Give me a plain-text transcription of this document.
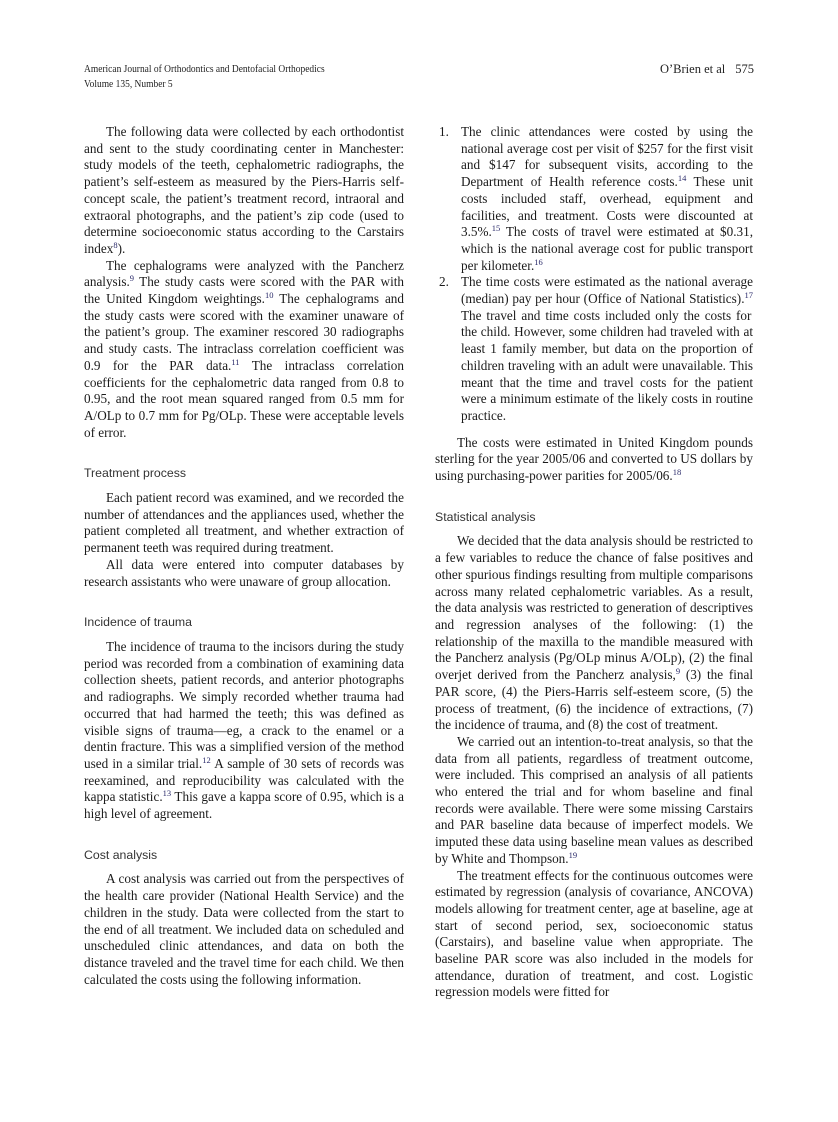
American Journal of Orthodontics and Dentofacial Orthopedics
Volume 135, Number 5
O’Brien et al 575

The following data were collected by each orthodontist and sent to the study coordinating center in Manchester: study models of the teeth, cephalometric radiographs, the patient’s self-esteem as measured by the Piers-Harris self-concept scale, the patient’s treatment record, intraoral and extraoral photographs, and the patient’s zip code (used to determine socioeconomic status according to the Carstairs index$^8$).

The cephalograms were analyzed with the Pancherz analysis.$^9$ The study casts were scored with the PAR with the United Kingdom weightings.$^{10}$ The cephalograms and the study casts were scored with the examiner unaware of the patient’s group. The examiner rescored 30 radiographs and study casts. The intraclass correlation coefficient was 0.9 for the PAR data.$^{11}$ The intraclass correlation coefficients for the cephalometric data ranged from 0.8 to 0.95, and the root mean squared ranged from 0.5 mm for A/OLp to 0.7 mm for Pg/OLp. These were acceptable levels of error.

Treatment process

Each patient record was examined, and we recorded the number of attendances and the appliances used, whether the patient completed all treatment, and whether extraction of permanent teeth was required during treatment.

All data were entered into computer databases by research assistants who were unaware of group allocation.

Incidence of trauma

The incidence of trauma to the incisors during the study period was recorded from a combination of examining data collection sheets, patient records, and anterior photographs and radiographs. We simply recorded whether trauma had occurred that had harmed the teeth; this was defined as visible signs of trauma—eg, a crack to the enamel or a dentin fracture. This was a simplified version of the method used in a similar trial.$^{12}$ A sample of 30 sets of records was reexamined, and reproducibility was calculated with the kappa statistic.$^{13}$ This gave a kappa score of 0.95, which is a high level of agreement.

Cost analysis

A cost analysis was carried out from the perspectives of the health care provider (National Health Service) and the children in the study. Data were collected from the start to the end of all treatment. We included data on scheduled and unscheduled clinic attendances, and data on both the distance traveled and the travel time for each child. We then calculated the costs using the following information.

1. The clinic attendances were costed by using the national average cost per visit of $257 for the first visit and $147 for subsequent visits, according to the Department of Health reference costs.$^{14}$ These unit costs included staff, overhead, equipment and facilities, and treatment. Costs were discounted at 3.5%.$^{15}$ The costs of travel were estimated at $0.31, which is the national average cost for public transport per kilometer.$^{16}$
2. The time costs were estimated as the national average (median) pay per hour (Office of National Statistics).$^{17}$ The travel and time costs included only the costs for the child. However, some children had traveled with at least 1 family member, but data on the proportion of children traveling with an adult were unavailable. This meant that the time and travel costs for the patient were a minimum estimate of the likely costs in routine practice.

The costs were estimated in United Kingdom pounds sterling for the year 2005/06 and converted to US dollars by using purchasing-power parities for 2005/06.18

Statistical analysis

We decided that the data analysis should be restricted to a few variables to reduce the chance of false positives and other spurious findings resulting from multiple comparisons across many related cephalometric variables. As a result, the data analysis was restricted to generation of descriptives and regression analyses of the following: (1) the relationship of the maxilla to the mandible measured with the Pancherz analysis (Pg/OLp minus A/OLp), (2) the final overjet derived from the Pancherz analysis,$^9$ (3) the final PAR score, (4) the Piers-Harris self-esteem score, (5) the process of treatment, (6) the incidence of extractions, (7) the incidence of trauma, and (8) the cost of treatment.

We carried out an intention-to-treat analysis, so that the data from all patients, regardless of treatment outcome, were included. This comprised an analysis of all patients who entered the trial and for whom baseline and final records were available. There were some missing Carstairs and PAR baseline data because of imperfect models. We imputed these data using baseline mean values as described by White and Thompson.$^{19}$

The treatment effects for the continuous outcomes were estimated by regression (analysis of covariance, ANCOVA) models allowing for treatment center, age at baseline, age at start of second period, sex, socioeconomic status (Carstairs), and baseline value when appropriate. The baseline PAR score was also included in the models for attendance, duration of treatment, and cost. Logistic regression models were fitted for
